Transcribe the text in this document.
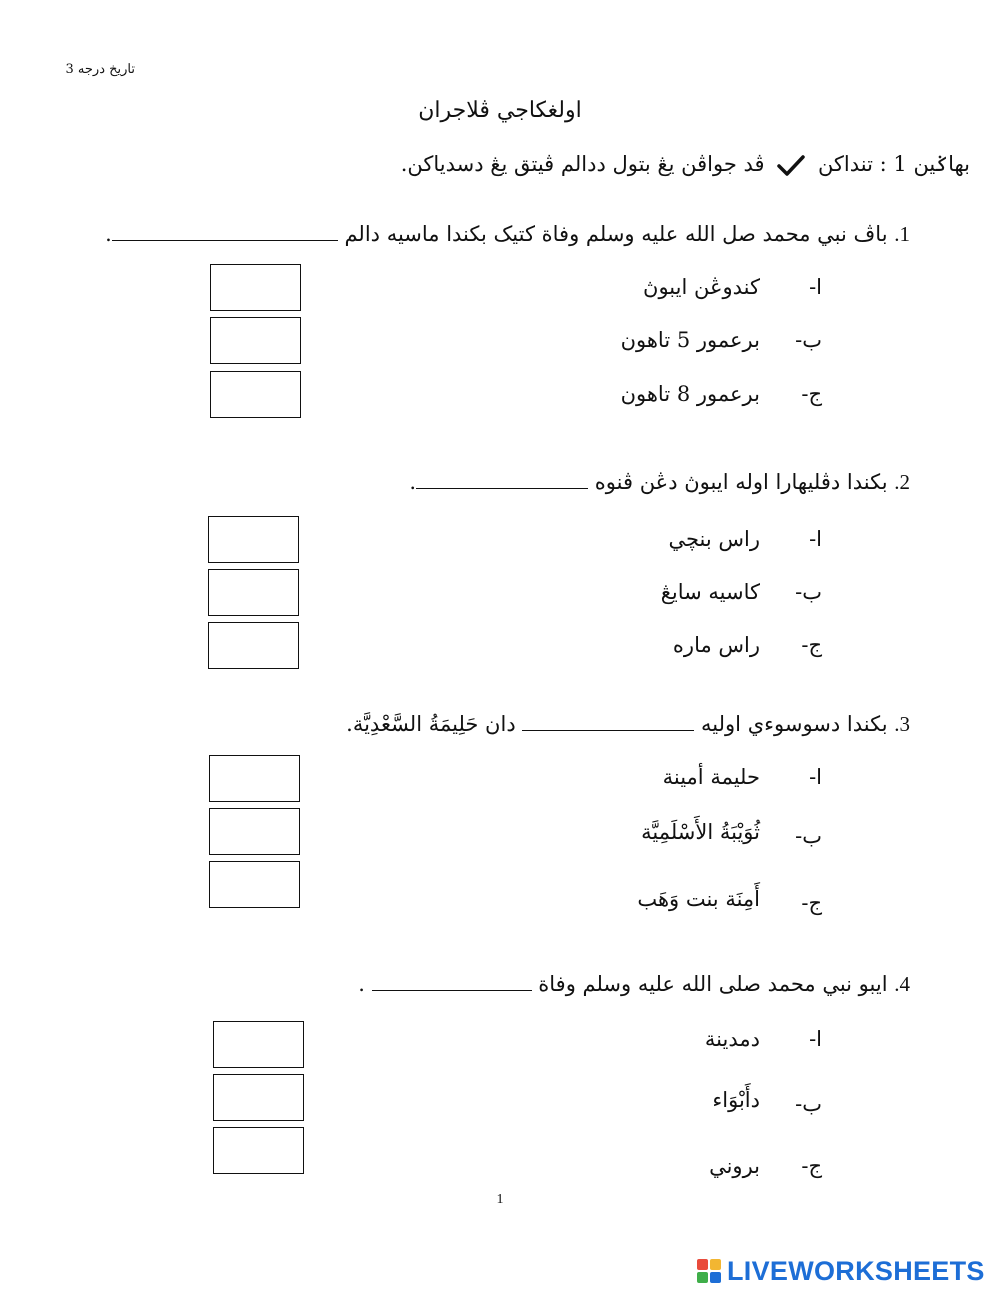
تاريخ درجه 3
اولغكاجي ڤلاجران
بهاݢين 1 : تنداکن  ڤد جواڤن يڠ بتول ددالم ڤيتق يڠ دسدياکن.
1. باڤ نبي محمد صل الله عليه وسلم وفاة کتيک بکندا ماسيه دالم .
ا-
کندوڠن ايبوڽ
ب-
برعمور 5 تاهون
ج-
برعمور 8 تاهون
2. بکندا دڤليهارا اوله ايبوڽ دڠن ڤنوه .
ا-
راس بنچي
ب-
کاسيه سايڠ
ج-
راس ماره
3. بکندا دسوسوءي اوليه  دان حَلِيمَةُ السَّعْدِيَّة.
ا-
حليمة أمينة
ب-
ثُوَيْبَةُ الأَسْلَمِيَّة
ج-
أَمِنَة بنت وَهَب
4. ايبو نبي محمد صلى الله عليه وسلم وفاة  .
ا-
دمدينة
ب-
دأَبْوَاء
ج-
بروني
1
LIVEWORKSHEETS
